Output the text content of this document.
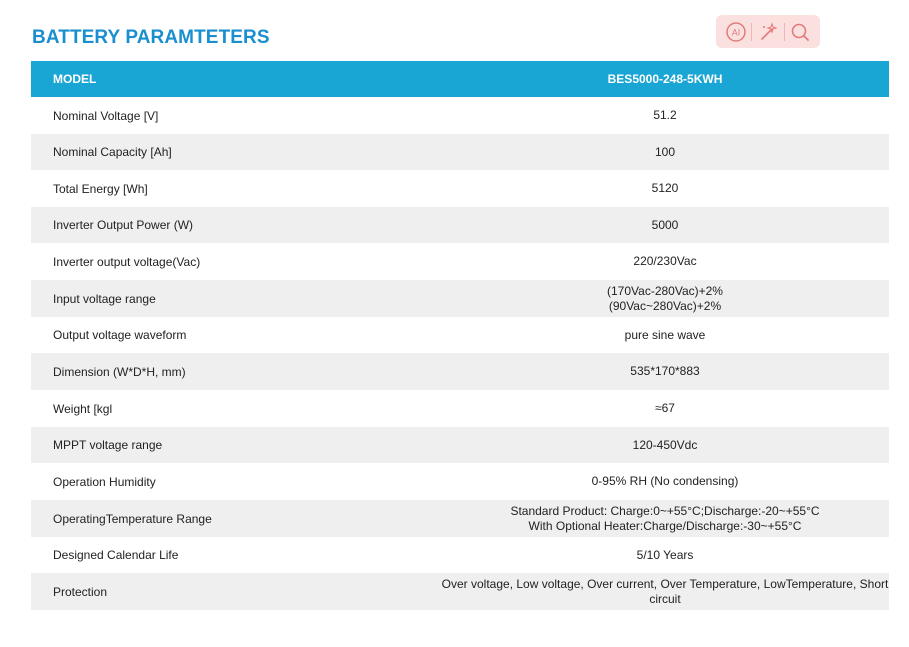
BATTERY PARAMTETERS	AI
MODEL	BES5000-248-5KWH
Nominal Voltage [V]	51.2

Nominal Capacity [Ah]	100

Total Energy [Wh]	5120

Inverter Output Power (W)	5000

Inverter output voltage(Vac)	220/230Vac

Input voltage range	(170Vac-280Vac)+2%
(90Vac~280Vac)+2%

Output voltage waveform	pure sine wave

Dimension (W*D*H, mm)	535*170*883

Weight [kgl	≈67

MPPT voltage range	120-450Vdc

Operation Humidity	0-95% RH (No condensing)

OperatingTemperature Range	Standard Product: Charge:0~+55°C;Discharge:-20~+55°C
With Optional Heater:Charge/Discharge:-30~+55°C

Designed Calendar Life	5/10 Years

Protection	Over voltage, Low voltage, Over current, Over Temperature, LowTemperature, Short circuit
